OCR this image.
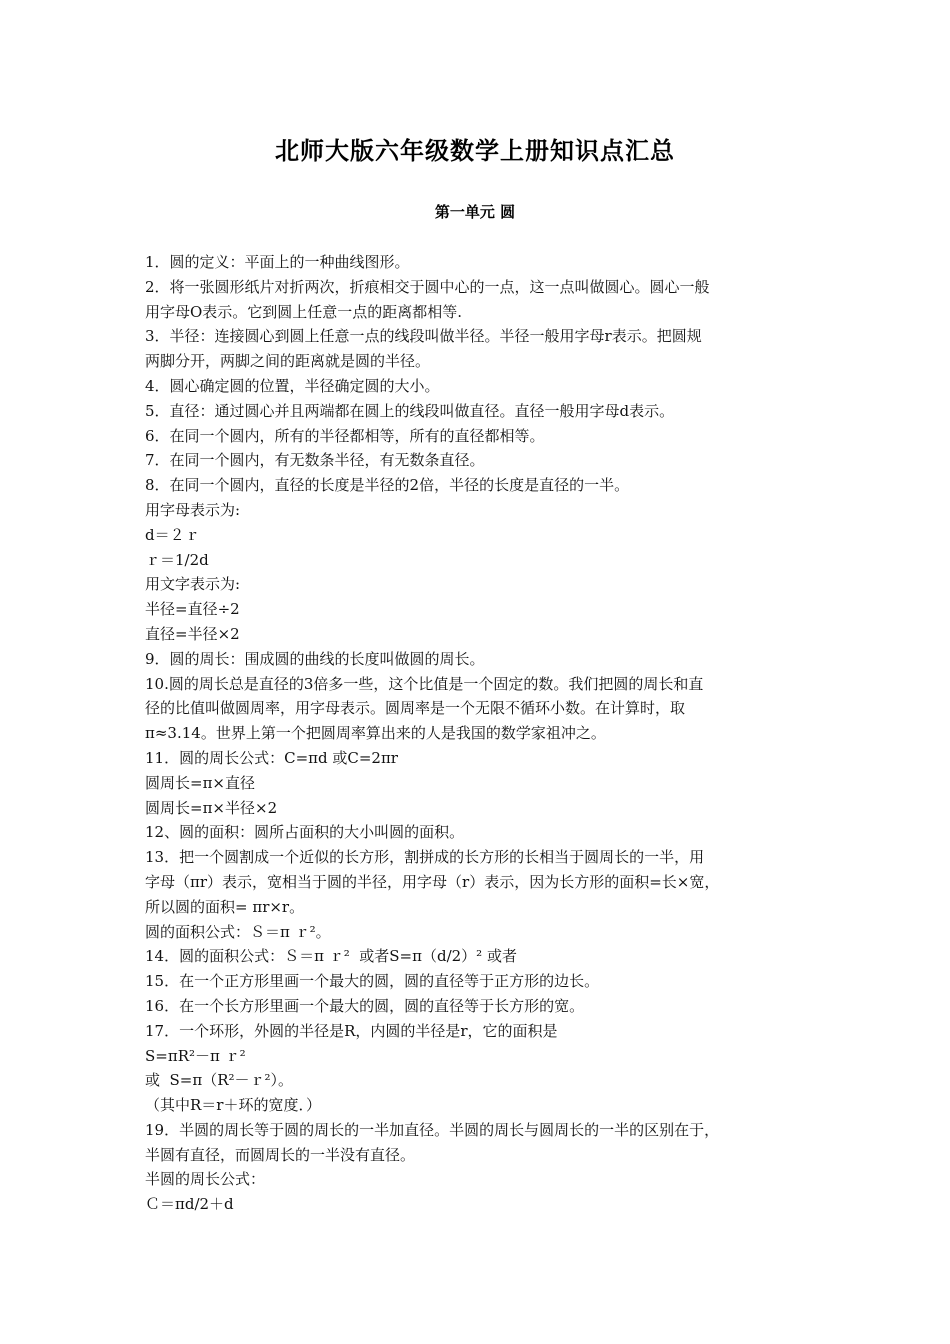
北师大版六年级数学上册知识点汇总
第一单元 圆
1．圆的定义：平面上的一种曲线图形。
2．将一张圆形纸片对折两次，折痕相交于圆中心的一点，这一点叫做圆心。圆心一般
用字母O表示。它到圆上任意一点的距离都相等.
3．半径：连接圆心到圆上任意一点的线段叫做半径。半径一般用字母r表示。把圆规
两脚分开，两脚之间的距离就是圆的半径。
4．圆心确定圆的位置，半径确定圆的大小。
5．直径：通过圆心并且两端都在圆上的线段叫做直径。直径一般用字母d表示。
6．在同一个圆内，所有的半径都相等，所有的直径都相等。
7．在同一个圆内，有无数条半径，有无数条直径。
8．在同一个圆内，直径的长度是半径的2倍，半径的长度是直径的一半。
用字母表示为:
d＝２ｒ
ｒ＝1/2d
用文字表示为:
半径=直径÷2
直径=半径×2
9．圆的周长：围成圆的曲线的长度叫做圆的周长。
10.圆的周长总是直径的3倍多一些，这个比值是一个固定的数。我们把圆的周长和直
径的比值叫做圆周率，用字母表示。圆周率是一个无限不循环小数。在计算时，取
π≈3.14。世界上第一个把圆周率算出来的人是我国的数学家祖冲之。
11．圆的周长公式：C=πd 或C=2πr
圆周长=π×直径
圆周长=π×半径×2
12、圆的面积：圆所占面积的大小叫圆的面积。
13．把一个圆割成一个近似的长方形，割拼成的长方形的长相当于圆周长的一半，用
字母（πr）表示，宽相当于圆的半径，用字母（r）表示，因为长方形的面积=长×宽，
所以圆的面积= πr×r。
圆的面积公式：Ｓ＝π ｒ²。
14．圆的面积公式：Ｓ＝π ｒ²  或者S=π（d/2）² 或者
15．在一个正方形里画一个最大的圆，圆的直径等于正方形的边长。
16．在一个长方形里画一个最大的圆，圆的直径等于长方形的宽。
17．一个环形，外圆的半径是R，内圆的半径是r，它的面积是
S=πR²－π ｒ²
或  S=π（R²－ｒ²）。
（其中R＝r＋环的宽度．）
19．半圆的周长等于圆的周长的一半加直径。半圆的周长与圆周长的一半的区别在于，
半圆有直径，而圆周长的一半没有直径。
半圆的周长公式：
Ｃ＝πd/2＋d
